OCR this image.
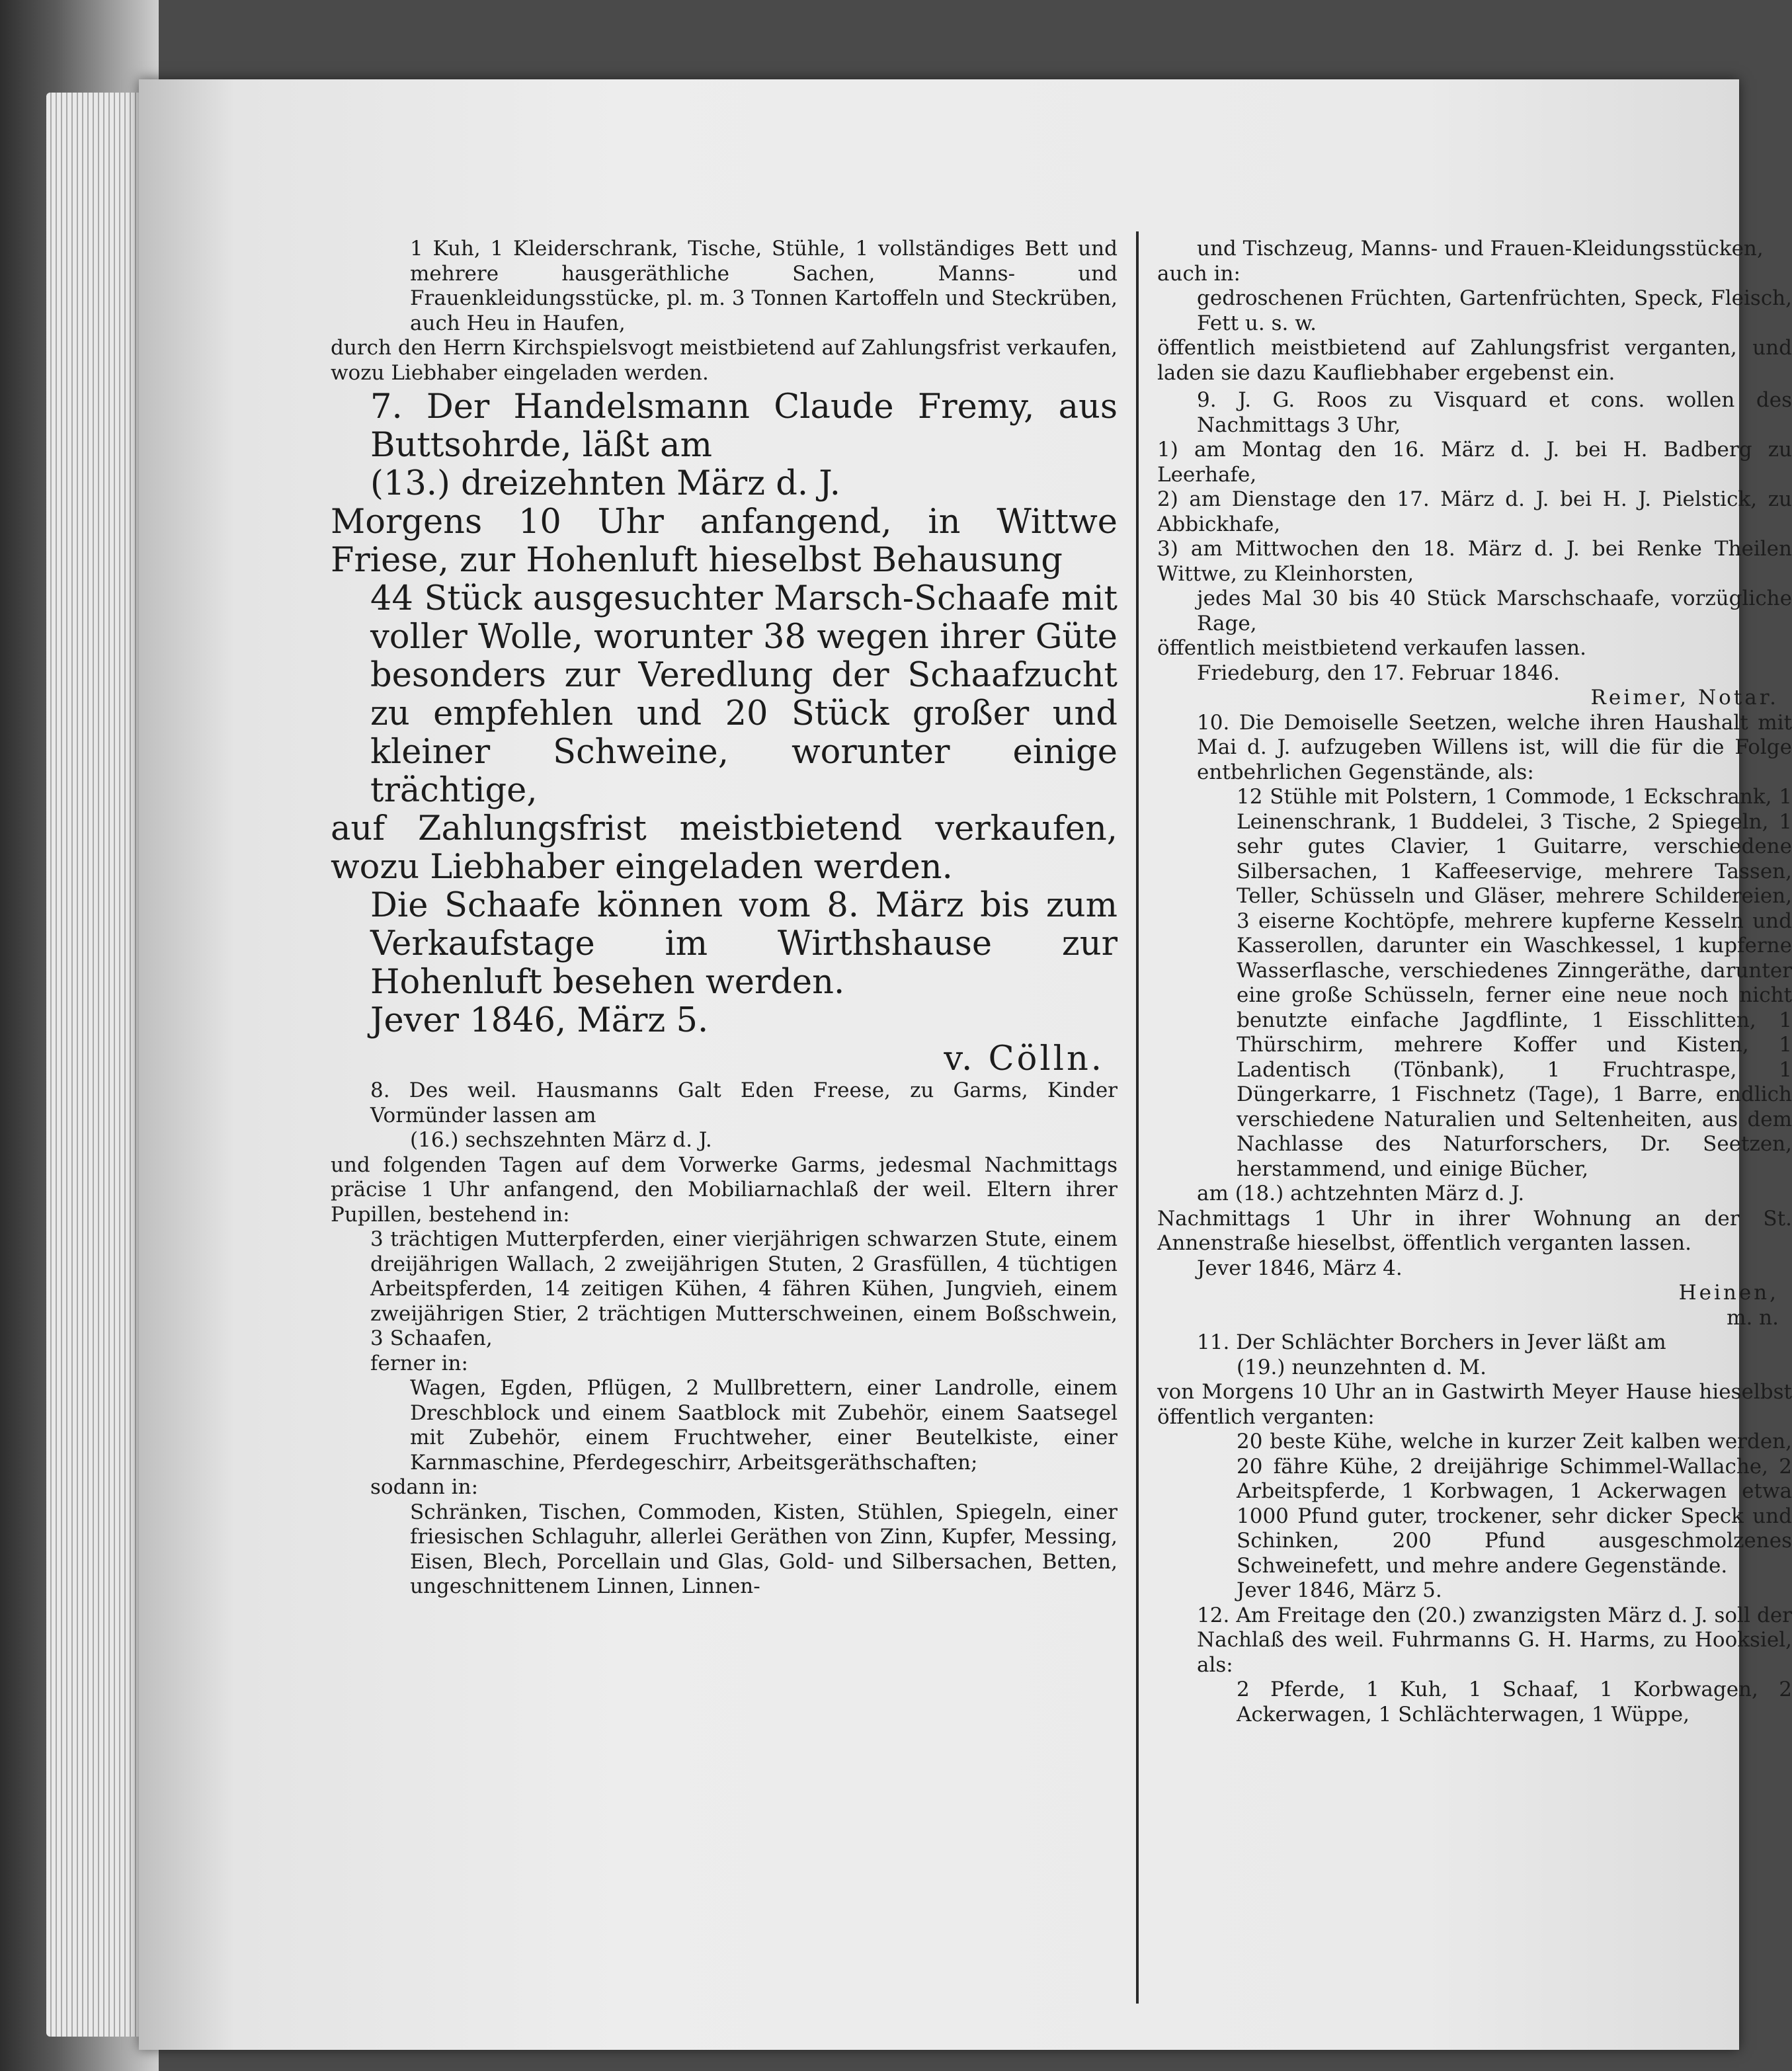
1 Kuh, 1 Kleiderschrank, Tische, Stühle, 1 vollständiges Bett und mehrere hausgeräthliche Sachen, Manns- und Frauenkleidungsstücke, pl. m. 3 Tonnen Kartoffeln und Steckrüben, auch Heu in Haufen,

durch den Herrn Kirchspielsvogt meistbietend auf Zahlungsfrist verkaufen, wozu Liebhaber eingeladen werden.

7. Der Handelsmann Claude Fremy, aus Buttsohrde, läßt am

(13.) dreizehnten März d. J.

Morgens 10 Uhr anfangend, in Wittwe Friese, zur Hohenluft hieselbst Behausung

44 Stück ausgesuchter Marsch-Schaafe mit voller Wolle, worunter 38 wegen ihrer Güte besonders zur Veredlung der Schaafzucht zu empfehlen und 20 Stück großer und kleiner Schweine, worunter einige trächtige,

auf Zahlungsfrist meistbietend verkaufen, wozu Liebhaber eingeladen werden.

Die Schaafe können vom 8. März bis zum Verkaufstage im Wirthshause zur Hohenluft besehen werden.

Jever 1846, März 5.

v. Cölln.

8. Des weil. Hausmanns Galt Eden Freese, zu Garms, Kinder Vormünder lassen am

(16.) sechszehnten März d. J.

und folgenden Tagen auf dem Vorwerke Garms, jedesmal Nachmittags präcise 1 Uhr anfangend, den Mobiliarnachlaß der weil. Eltern ihrer Pupillen, bestehend in:

3 trächtigen Mutterpferden, einer vierjährigen schwarzen Stute, einem dreijährigen Wallach, 2 zweijährigen Stuten, 2 Grasfüllen, 4 tüchtigen Arbeitspferden, 14 zeitigen Kühen, 4 fähren Kühen, Jungvieh, einem zweijährigen Stier, 2 trächtigen Mutterschweinen, einem Boßschwein, 3 Schaafen,

ferner in:

Wagen, Egden, Pflügen, 2 Mullbrettern, einer Landrolle, einem Dreschblock und einem Saatblock mit Zubehör, einem Saatsegel mit Zubehör, einem Fruchtweher, einer Beutelkiste, einer Karnmaschine, Pferdegeschirr, Arbeitsgeräthschaften;

sodann in:

Schränken, Tischen, Commoden, Kisten, Stühlen, Spiegeln, einer friesischen Schlaguhr, allerlei Geräthen von Zinn, Kupfer, Messing, Eisen, Blech, Porcellain und Glas, Gold- und Silbersachen, Betten, ungeschnittenem Linnen, Linnen-

und Tischzeug, Manns- und Frauen-Kleidungsstücken,

auch in:

gedroschenen Früchten, Gartenfrüchten, Speck, Fleisch, Fett u. s. w.

öffentlich meistbietend auf Zahlungsfrist verganten, und laden sie dazu Kaufliebhaber ergebenst ein.

9. J. G. Roos zu Visquard et cons. wollen des Nachmittags 3 Uhr,

1) am Montag den 16. März d. J. bei H. Badberg zu Leerhafe,

2) am Dienstage den 17. März d. J. bei H. J. Pielstick, zu Abbickhafe,

3) am Mittwochen den 18. März d. J. bei Renke Theilen Wittwe, zu Kleinhorsten,

jedes Mal 30 bis 40 Stück Marschschaafe, vorzügliche Rage,

öffentlich meistbietend verkaufen lassen.

Friedeburg, den 17. Februar 1846.

Reimer, Notar.

10. Die Demoiselle Seetzen, welche ihren Haushalt mit Mai d. J. aufzugeben Willens ist, will die für die Folge entbehrlichen Gegenstände, als:

12 Stühle mit Polstern, 1 Commode, 1 Eckschrank, 1 Leinenschrank, 1 Buddelei, 3 Tische, 2 Spiegeln, 1 sehr gutes Clavier, 1 Guitarre, verschiedene Silbersachen, 1 Kaffeeservige, mehrere Tassen, Teller, Schüsseln und Gläser, mehrere Schildereien, 3 eiserne Kochtöpfe, mehrere kupferne Kesseln und Kasserollen, darunter ein Waschkessel, 1 kupferne Wasserflasche, verschiedenes Zinngeräthe, darunter eine große Schüsseln, ferner eine neue noch nicht benutzte einfache Jagdflinte, 1 Eisschlitten, 1 Thürschirm, mehrere Koffer und Kisten, 1 Ladentisch (Tönbank), 1 Fruchtraspe, 1 Düngerkarre, 1 Fischnetz (Tage), 1 Barre, endlich verschiedene Naturalien und Seltenheiten, aus dem Nachlasse des Naturforschers, Dr. Seetzen, herstammend, und einige Bücher,

am (18.) achtzehnten März d. J.

Nachmittags 1 Uhr in ihrer Wohnung an der St. Annenstraße hieselbst, öffentlich verganten lassen.

Jever 1846, März 4.

Heinen,

m. n.

11. Der Schlächter Borchers in Jever läßt am

(19.) neunzehnten d. M.

von Morgens 10 Uhr an in Gastwirth Meyer Hause hieselbst öffentlich verganten:

20 beste Kühe, welche in kurzer Zeit kalben werden, 20 fähre Kühe, 2 dreijährige Schimmel-Wallache, 2 Arbeitspferde, 1 Korbwagen, 1 Ackerwagen etwa 1000 Pfund guter, trockener, sehr dicker Speck und Schinken, 200 Pfund ausgeschmolzenes Schweinefett, und mehre andere Gegenstände.

Jever 1846, März 5.

12. Am Freitage den (20.) zwanzigsten März d. J. soll der Nachlaß des weil. Fuhrmanns G. H. Harms, zu Hooksiel, als:

2 Pferde, 1 Kuh, 1 Schaaf, 1 Korbwagen, 2 Ackerwagen, 1 Schlächterwagen, 1 Wüppe,
